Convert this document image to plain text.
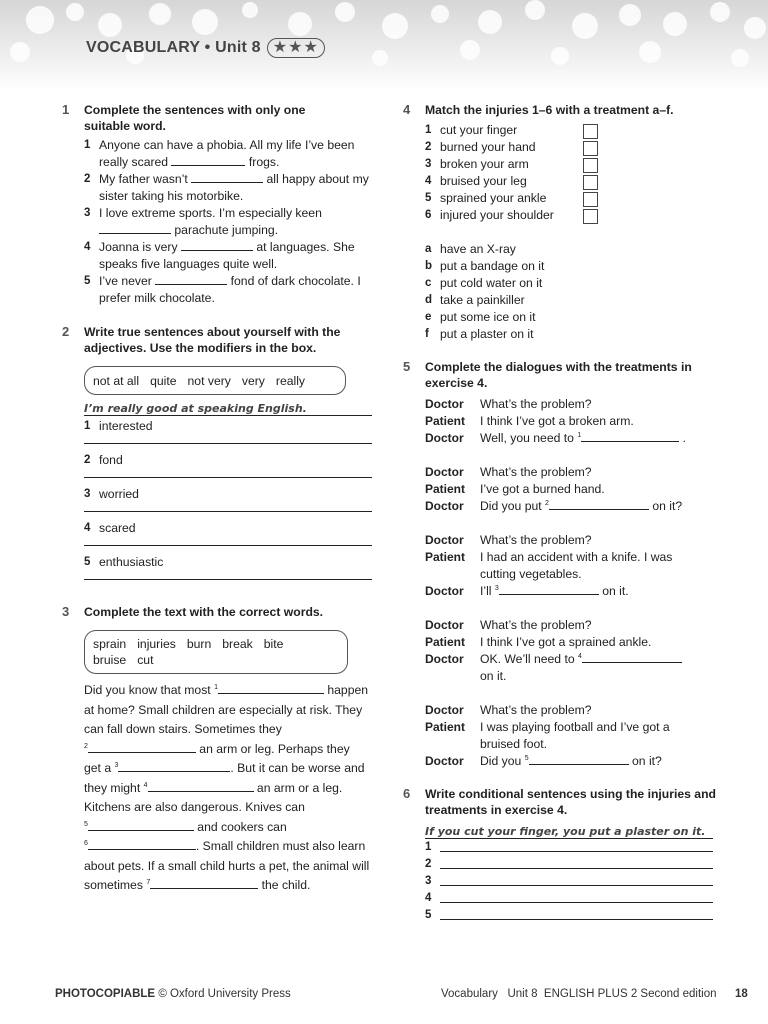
VOCABULARY • Unit 8 ★★★
1 Complete the sentences with only one suitable word.
1 Anyone can have a phobia. All my life I’ve been really scared	frogs.
2 My father wasn’t	all happy about my sister taking his motorbike.
3 I love extreme sports. I’m especially keen
parachute jumping.
4 Joanna is very	at languages. She speaks five languages quite well.
5 I’ve never	fond of dark chocolate. I prefer milk chocolate.
2 Write true sentences about yourself with the adjectives. Use the modifiers in the box.
not at all quite not very very really
I’m really good at speaking English.
1 interested
2 fond
3 worried
4 scared
5 enthusiastic
3 Complete the text with the correct words.
sprain injuries burn break bite
bruise cut
Did you know that most $^1$	happen at home? Small children are especially at risk. They can fall down stairs. Sometimes they
$^2$	an arm or leg. Perhaps they
get a $^3$	. But it can be worse and they might $^4$	an arm or a leg. Kitchens are also dangerous. Knives can
$^5$	and cookers can
$^6$	. Small children must also learn about pets. If a small child hurts a pet, the animal will sometimes $^7$	the child.
4 Match the injuries 1–6 with a treatment a–f.
1 cut your finger
2 burned your hand
3 broken your arm
4 bruised your leg
5 sprained your ankle
6 injured your shoulder
a have an X-ray
b put a bandage on it
c put cold water on it
d take a painkiller
e put some ice on it
f put a plaster on it
5 Complete the dialogues with the treatments in exercise 4.
Doctor	What’s the problem?
Patient	I think I’ve got a broken arm.
Doctor	Well, you need to $^1$	.
Doctor	What’s the problem?
Patient	I’ve got a burned hand.
Doctor	Did you put $^2$	on it?
Doctor	What’s the problem?
Patient	I had an accident with a knife. I was cutting vegetables.
Doctor	I’ll $^3$	on it.
Doctor	What’s the problem?
Patient	I think I’ve got a sprained ankle.
Doctor	OK. We’ll need to $^4$
on it.
Doctor	What’s the problem?
Patient	I was playing football and I’ve got a bruised foot.
Doctor	Did you $^5$	on it?
6 Write conditional sentences using the injuries and treatments in exercise 4.
If you cut your finger, you put a plaster on it.
1
2
3
4
5
PHOTOCOPIABLE © Oxford University Press	Vocabulary   Unit 8  ENGLISH PLUS 2 Second edition 18
